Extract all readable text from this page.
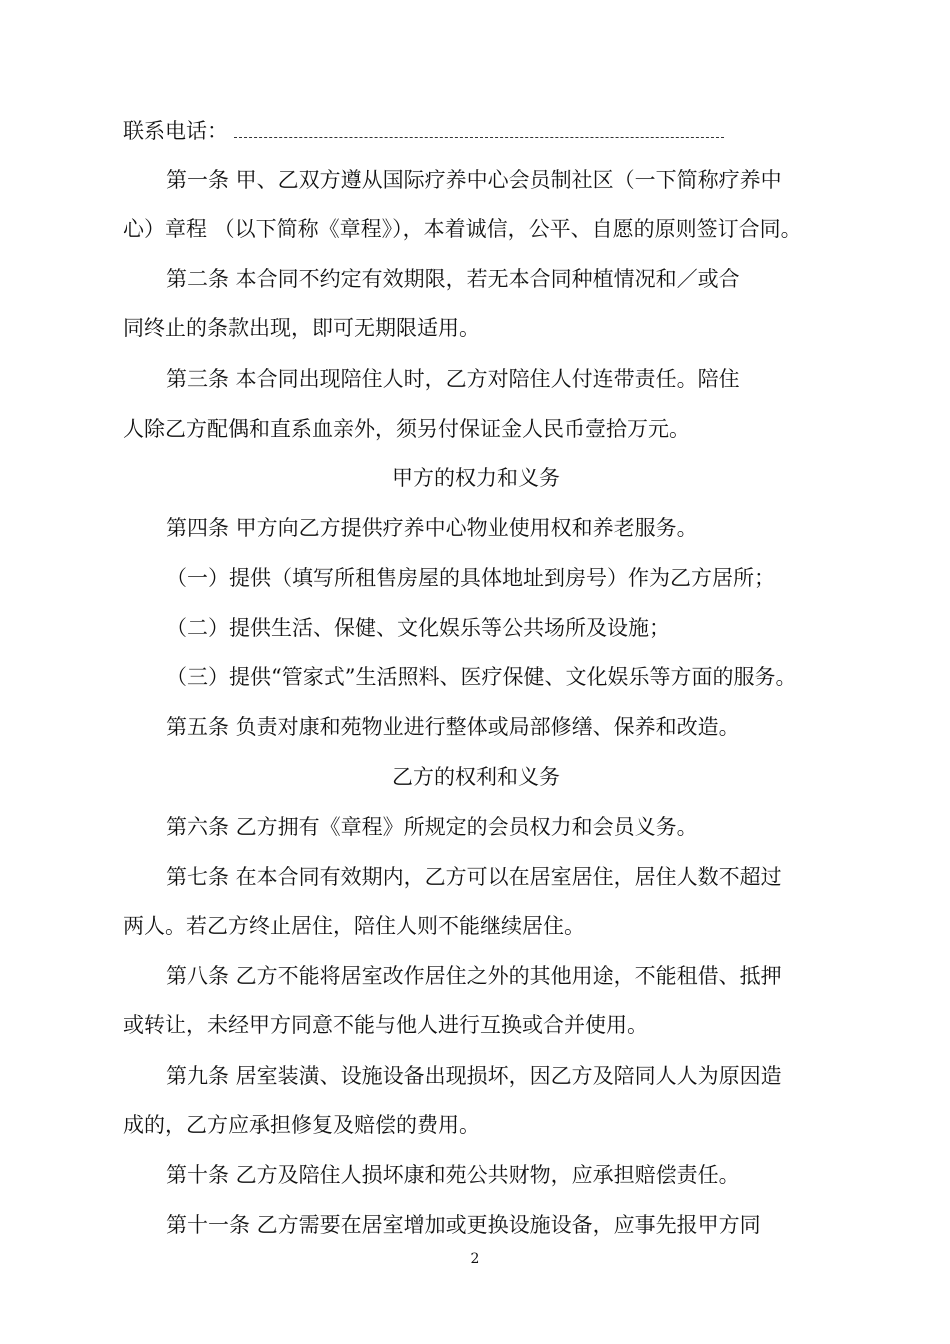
联系电话：
第一条 甲、乙双方遵从国际疗养中心会员制社区（一下简称疗养中
心）章程 （以下简称《章程》），本着诚信，公平、自愿的原则签订合同。
第二条 本合同不约定有效期限，若无本合同种植情况和／或合
同终止的条款出现，即可无期限适用。
第三条 本合同出现陪住人时，乙方对陪住人付连带责任。陪住
人除乙方配偶和直系血亲外，须另付保证金人民币壹拾万元。
甲方的权力和义务
第四条 甲方向乙方提供疗养中心物业使用权和养老服务。
（一）提供（填写所租售房屋的具体地址到房号）作为乙方居所；
（二）提供生活、保健、文化娱乐等公共场所及设施；
（三）提供“管家式”生活照料、医疗保健、文化娱乐等方面的服务。
第五条 负责对康和苑物业进行整体或局部修缮、保养和改造。
乙方的权利和义务
第六条 乙方拥有《章程》所规定的会员权力和会员义务。
第七条 在本合同有效期内，乙方可以在居室居住，居住人数不超过
两人。若乙方终止居住，陪住人则不能继续居住。
第八条 乙方不能将居室改作居住之外的其他用途，不能租借、抵押
或转让，未经甲方同意不能与他人进行互换或合并使用。
第九条 居室装潢、设施设备出现损坏，因乙方及陪同人人为原因造
成的，乙方应承担修复及赔偿的费用。
第十条 乙方及陪住人损坏康和苑公共财物，应承担赔偿责任。
第十一条 乙方需要在居室增加或更换设施设备，应事先报甲方同
2
